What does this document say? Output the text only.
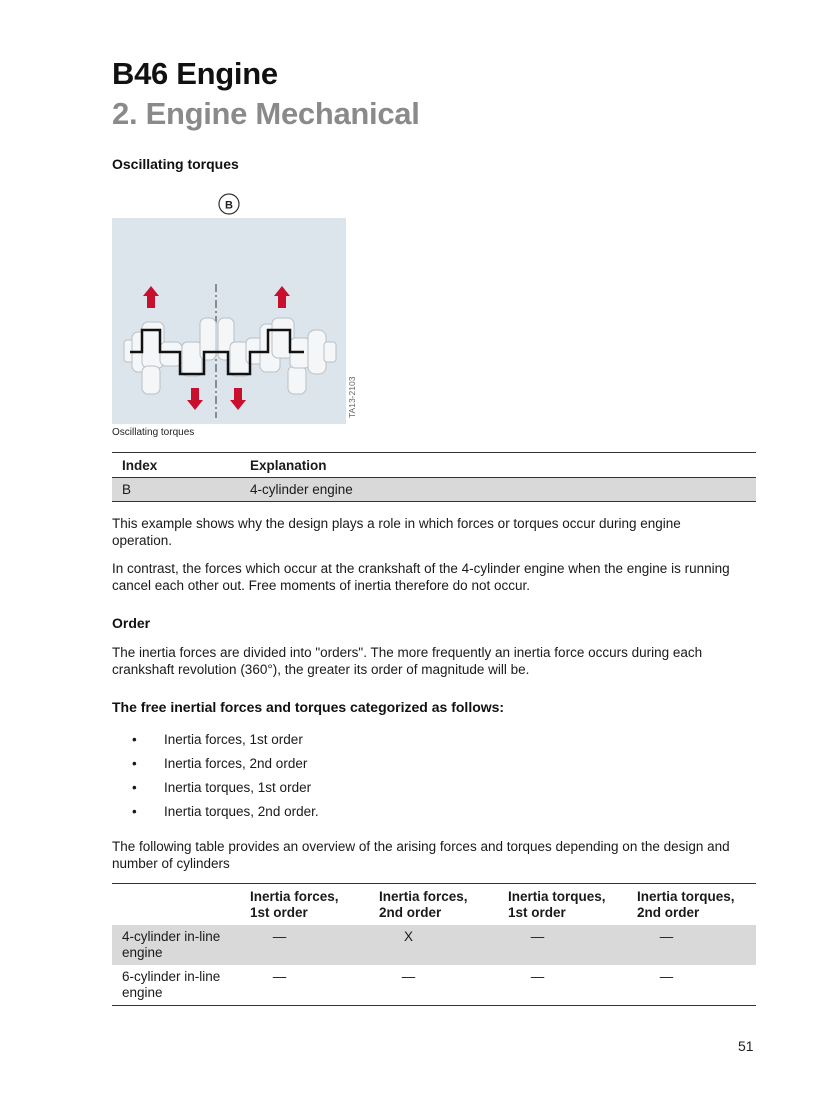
B46 Engine
2. Engine Mechanical
Oscillating torques
B
TA13-2103
Oscillating torques
Index	Explanation
B	4-cylinder engine
This example shows why the design plays a role in which forces or torques occur during engine operation.
In contrast, the forces which occur at the crankshaft of the 4-cylinder engine when the engine is running cancel each other out. Free moments of inertia therefore do not occur.
Order
The inertia forces are divided into "orders". The more frequently an inertia force occurs during each crankshaft revolution (360°), the greater its order of magnitude will be.
The free inertial forces and torques categorized as follows:
• Inertia forces, 1st order
• Inertia forces, 2nd order
• Inertia torques, 1st order
• Inertia torques, 2nd order.
The following table provides an overview of the arising forces and torques depending on the design and number of cylinders
	Inertia forces, 1st order	Inertia forces, 2nd order	Inertia torques, 1st order	Inertia torques, 2nd order
4-cylinder in-line engine	—	X	—	—
6-cylinder in-line engine	—	—	—	—
51
